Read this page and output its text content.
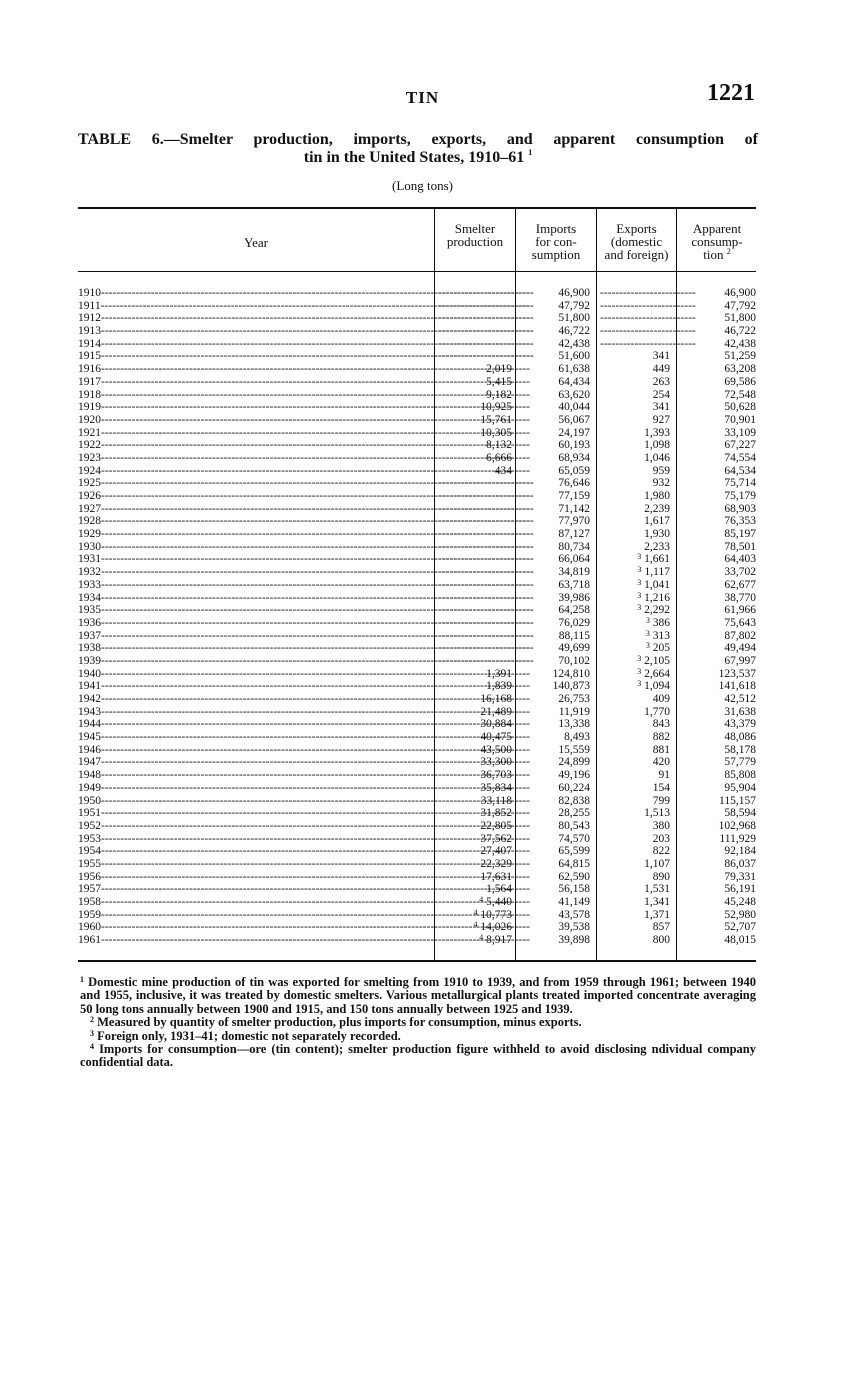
TIN	1221
TABLE 6.—Smelter production, imports, exports, and apparent consumption of
tin in the United States, 1910–61 $^1$
(Long tons)
Year
Smelter
production
Imports
for con-
sumption
Exports
(domestic
and foreign)
Apparent
consump-
tion $^2$
1910 -----	-------------------------	46,900 -------------------------	46,900
1911 -----	-------------------------	47,792 -------------------------	47,792
1912 -----	-------------------------	51,800 -------------------------	51,800
1913 -----	-------------------------	46,722 -------------------------	46,722
1914 -----	-------------------------	42,438 -------------------------	42,438
1915 -----	-------------------------	51,600	341	51,259
1916 -----	2,019	61,638	449	63,208
1917 -----	5,415	64,434	263	69,586
1918 -----	9,182	63,620	254	72,548
1919 -----	10,925	40,044	341	50,628
1920 -----	15,761	56,067	927	70,901
1921 -----	10,305	24,197	1,393	33,109
1922 -----	8,132	60,193	1,098	67,227
1923 -----	6,666	68,934	1,046	74,554
1924 -----	434	65,059	959	64,534
1925 -----	-------------------------	76,646	932	75,714
1926 -----	-------------------------	77,159	1,980	75,179
1927 -----	-------------------------	71,142	2,239	68,903
1928 -----	-------------------------	77,970	1,617	76,353
1929 -----	-------------------------	87,127	1,930	85,197
1930 -----	-------------------------	80,734	2,233	78,501
1931 -----	-------------------------	66,064	$^3$ 1,661	64,403
1932 -----	-------------------------	34,819	$^3$ 1,117	33,702
1933 -----	-------------------------	63,718	$^3$ 1,041	62,677
1934 -----	-------------------------	39,986	$^3$ 1,216	38,770
1935 -----	-------------------------	64,258	$^3$ 2,292	61,966
1936 -----	-------------------------	76,029	$^3$ 386	75,643
1937 -----	-------------------------	88,115	$^3$ 313	87,802
1938 -----	-------------------------	49,699	$^3$ 205	49,494
1939 -----	-------------------------	70,102	$^3$ 2,105	67,997
1940 -----	1,391	124,810	$^3$ 2,664	123,537
1941 -----	1,839	140,873	$^3$ 1,094	141,618
1942 -----	16,168	26,753	409	42,512
1943 -----	21,489	11,919	1,770	31,638
1944 -----	30,884	13,338	843	43,379
1945 -----	40,475	8,493	882	48,086
1946 -----	43,500	15,559	881	58,178
1947 -----	33,300	24,899	420	57,779
1948 -----	36,703	49,196	91	85,808
1949 -----	35,834	60,224	154	95,904
1950 -----	33,118	82,838	799	115,157
1951 -----	31,852	28,255	1,513	58,594
1952 -----	22,805	80,543	380	102,968
1953 -----	37,562	74,570	203	111,929
1954 -----	27,407	65,599	822	92,184
1955 -----	22,329	64,815	1,107	86,037
1956 -----	17,631	62,590	890	79,331
1957 -----	1,564	56,158	1,531	56,191
1958 -----	$^4$ 5,440	41,149	1,341	45,248
1959 -----	$^4$ 10,773	43,578	1,371	52,980
1960 -----	$^4$ 14,026	39,538	857	52,707
1961 -----	$^4$ 8,917	39,898	800	48,015

$^1$ Domestic mine production of tin was exported for smelting from 1910 to 1939, and from 1959 through 1961; between 1940 and 1955, inclusive, it was treated by domestic smelters. Various metallurgical plants treated imported concentrate averaging 50 long tons annually between 1900 and 1915, and 150 tons annually between 1925 and 1939.

$^2$ Measured by quantity of smelter production, plus imports for consumption, minus exports.

$^3$ Foreign only, 1931–41; domestic not separately recorded.

$^4$ Imports for consumption—ore (tin content); smelter production figure withheld to avoid disclosing ndividual company confidential data.
